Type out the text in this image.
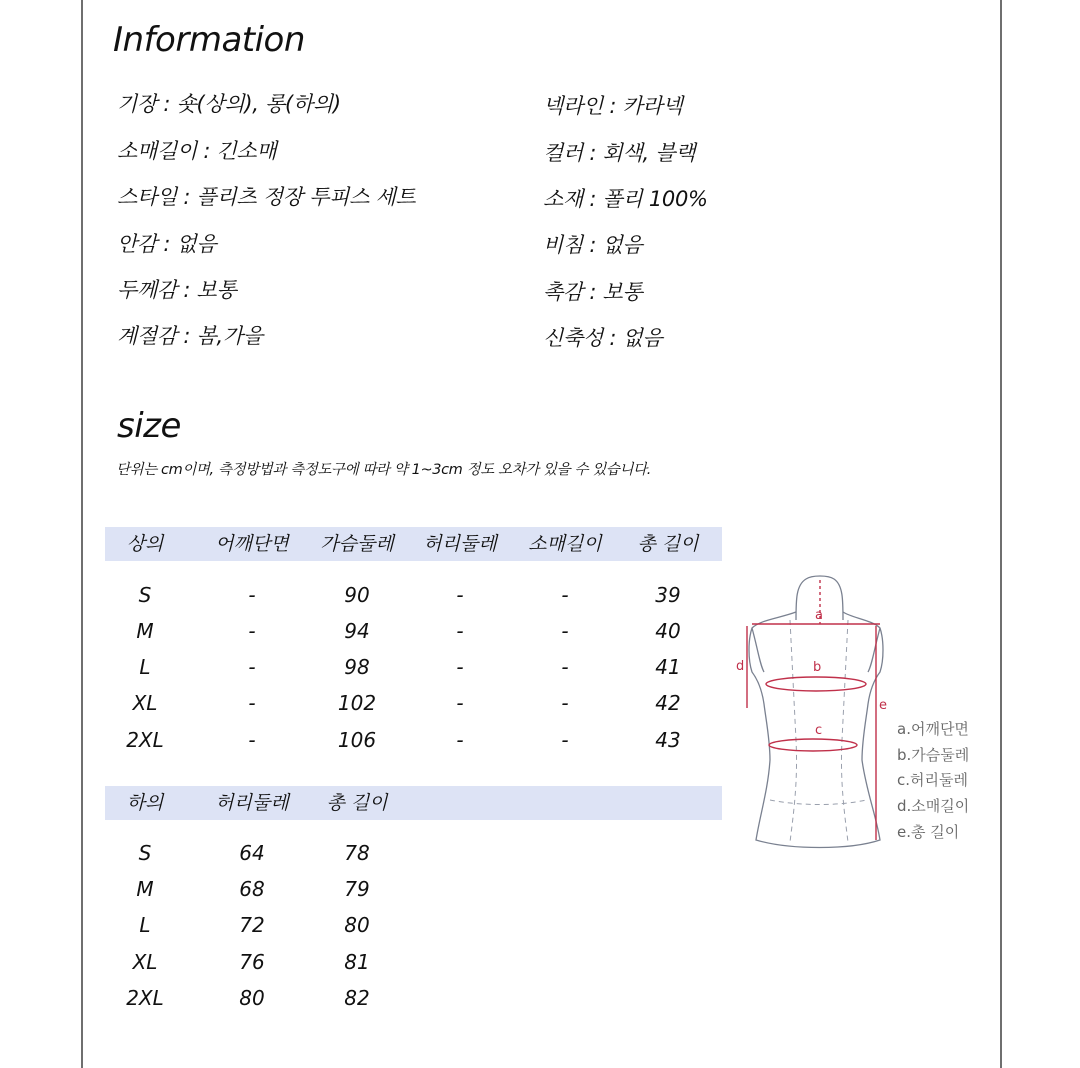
Information
기장 : 숏(상의), 롱(하의)
소매길이 : 긴소매
스타일 : 플리츠 정장 투피스 세트
안감 : 없음
두께감 : 보통
계절감 : 봄,가을
넥라인 : 카라넥
컬러 : 회색, 블랙
소재 : 폴리 100%
비침 : 없음
촉감 : 보통
신축성 : 없음
size
단위는 cm이며, 측정방법과 측정도구에 따라 약 1~3cm 정도 오차가 있을 수 있습니다.
상의	어깨단면	가슴둘레	허리둘레	소매길이	총 길이
S	-	90	-	-	39
M	-	94	-	-	40
L	-	98	-	-	41
XL	-	102	-	-	42
2XL	-	106	-	-	43
하의	허리둘레	총 길이
S	64	78
M	68	79
L	72	80
XL	76	81
2XL	80	82
a
b
c
d
e
a.어깨단면
b.가슴둘레
c.허리둘레
d.소매길이
e.총 길이
